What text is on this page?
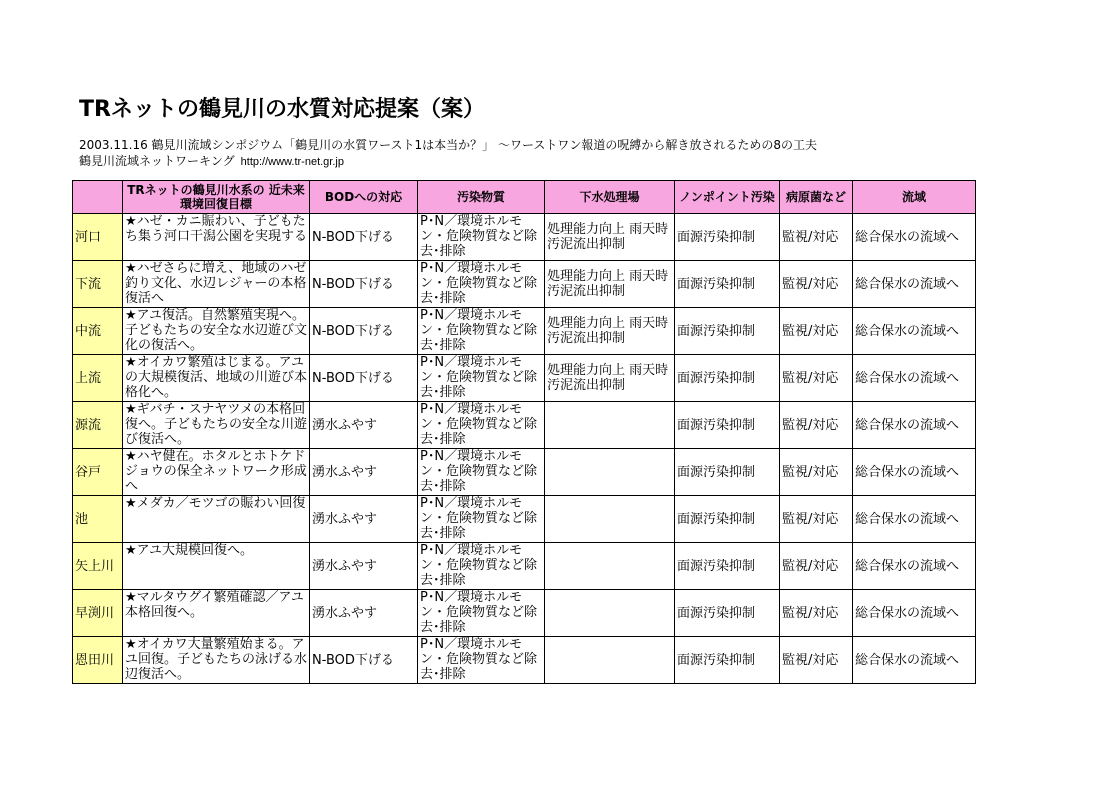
TRネットの鶴見川の水質対応提案（案）
2003.11.16 鶴見川流域シンポジウム「鶴見川の水質ワースト1は本当か？」 ～ワーストワン報道の呪縛から解き放されるための8の工夫
鶴見川流域ネットワーキング http://www.tr-net.gr.jp
	TRネットの鶴見川水系の 近未来環境回復目標	BODへの対応	汚染物質	下水処理場	ノンポイント汚染	病原菌など	流域
河口	★ハゼ・カニ賑わい、子どもたち集う河口干潟公園を実現する	N-BOD下げる	P･N／環境ホルモン・危険物質など除去･排除	処理能力向上 雨天時汚泥流出抑制	面源汚染抑制	監視/対応	総合保水の流域へ
下流	★ハゼさらに増え、地域のハゼ釣り文化、水辺レジャーの本格復活へ	N-BOD下げる	P･N／環境ホルモン・危険物質など除去･排除	処理能力向上 雨天時汚泥流出抑制	面源汚染抑制	監視/対応	総合保水の流域へ
中流	★アユ復活。自然繁殖実現へ。子どもたちの安全な水辺遊び文化の復活へ。	N-BOD下げる	P･N／環境ホルモン・危険物質など除去･排除	処理能力向上 雨天時汚泥流出抑制	面源汚染抑制	監視/対応	総合保水の流域へ
上流	★オイカワ繁殖はじまる。アユの大規模復活、地域の川遊び本格化へ。	N-BOD下げる	P･N／環境ホルモン・危険物質など除去･排除	処理能力向上 雨天時汚泥流出抑制	面源汚染抑制	監視/対応	総合保水の流域へ
源流	★ギバチ・スナヤツメの本格回復へ。子どもたちの安全な川遊び復活へ。	湧水ふやす	P･N／環境ホルモン・危険物質など除去･排除		面源汚染抑制	監視/対応	総合保水の流域へ
谷戸	★ハヤ健在。ホタルとホトケドジョウの保全ネットワーク形成へ	湧水ふやす	P･N／環境ホルモン・危険物質など除去･排除		面源汚染抑制	監視/対応	総合保水の流域へ
池	★メダカ／モツゴの賑わい回復	湧水ふやす	P･N／環境ホルモン・危険物質など除去･排除		面源汚染抑制	監視/対応	総合保水の流域へ
矢上川	★アユ大規模回復へ。	湧水ふやす	P･N／環境ホルモン・危険物質など除去･排除		面源汚染抑制	監視/対応	総合保水の流域へ
早渕川	★マルタウグイ繁殖確認／アユ本格回復へ。	湧水ふやす	P･N／環境ホルモン・危険物質など除去･排除		面源汚染抑制	監視/対応	総合保水の流域へ
恩田川	★オイカワ大量繁殖始まる。アユ回復。子どもたちの泳げる水辺復活へ。	N-BOD下げる	P･N／環境ホルモン・危険物質など除去･排除		面源汚染抑制	監視/対応	総合保水の流域へ
